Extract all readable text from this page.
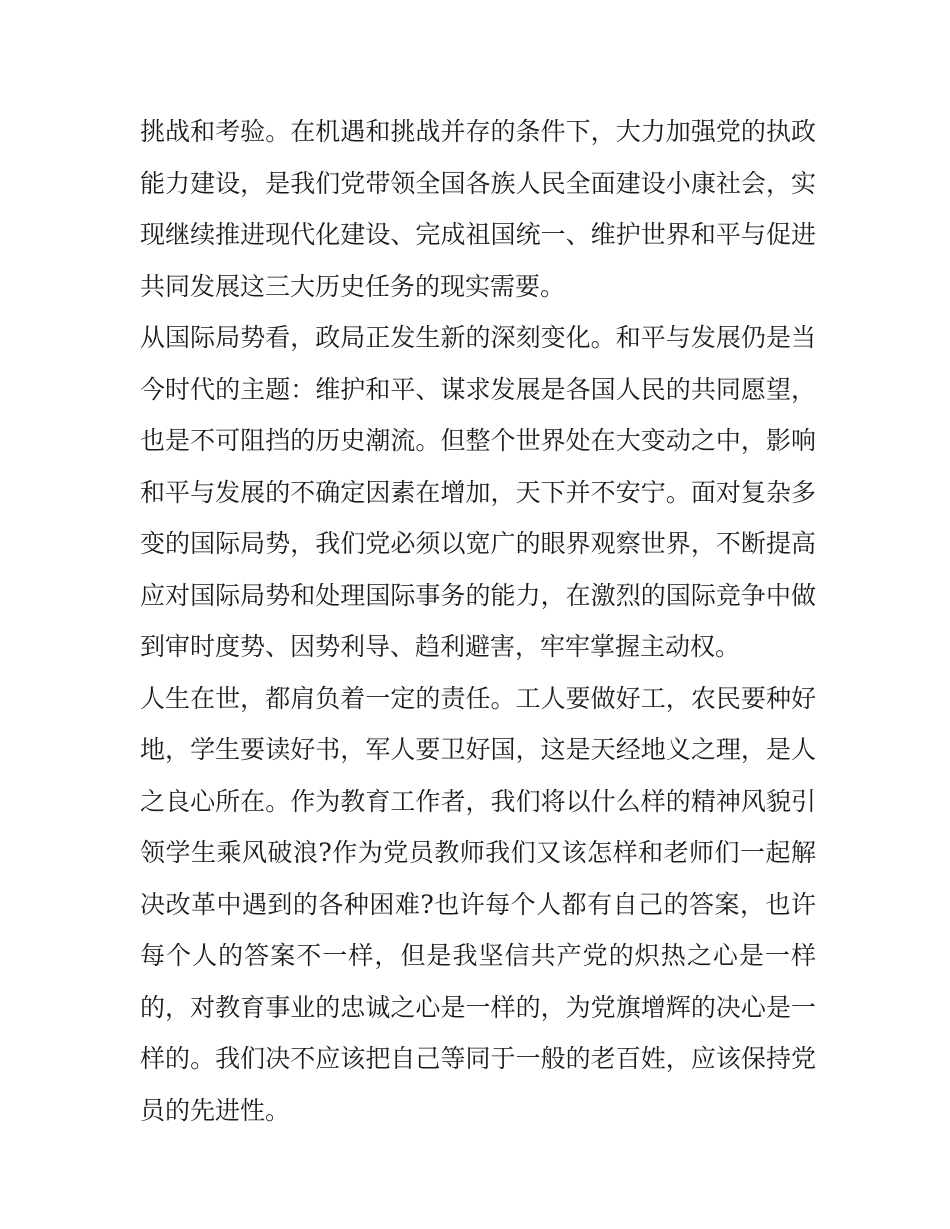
挑战和考验。在机遇和挑战并存的条件下，大力加强党的执政
能力建设，是我们党带领全国各族人民全面建设小康社会，实
现继续推进现代化建设、完成祖国统一、维护世界和平与促进
共同发展这三大历史任务的现实需要。
从国际局势看，政局正发生新的深刻变化。和平与发展仍是当
今时代的主题：维护和平、谋求发展是各国人民的共同愿望，
也是不可阻挡的历史潮流。但整个世界处在大变动之中，影响
和平与发展的不确定因素在增加，天下并不安宁。面对复杂多
变的国际局势，我们党必须以宽广的眼界观察世界，不断提高
应对国际局势和处理国际事务的能力，在激烈的国际竞争中做
到审时度势、因势利导、趋利避害，牢牢掌握主动权。
人生在世，都肩负着一定的责任。工人要做好工，农民要种好
地，学生要读好书，军人要卫好国，这是天经地义之理，是人
之良心所在。作为教育工作者，我们将以什么样的精神风貌引
领学生乘风破浪?作为党员教师我们又该怎样和老师们一起解
决改革中遇到的各种困难?也许每个人都有自己的答案，也许
每个人的答案不一样，但是我坚信共产党的炽热之心是一样
的，对教育事业的忠诚之心是一样的，为党旗增辉的决心是一
样的。我们决不应该把自己等同于一般的老百姓，应该保持党
员的先进性。
